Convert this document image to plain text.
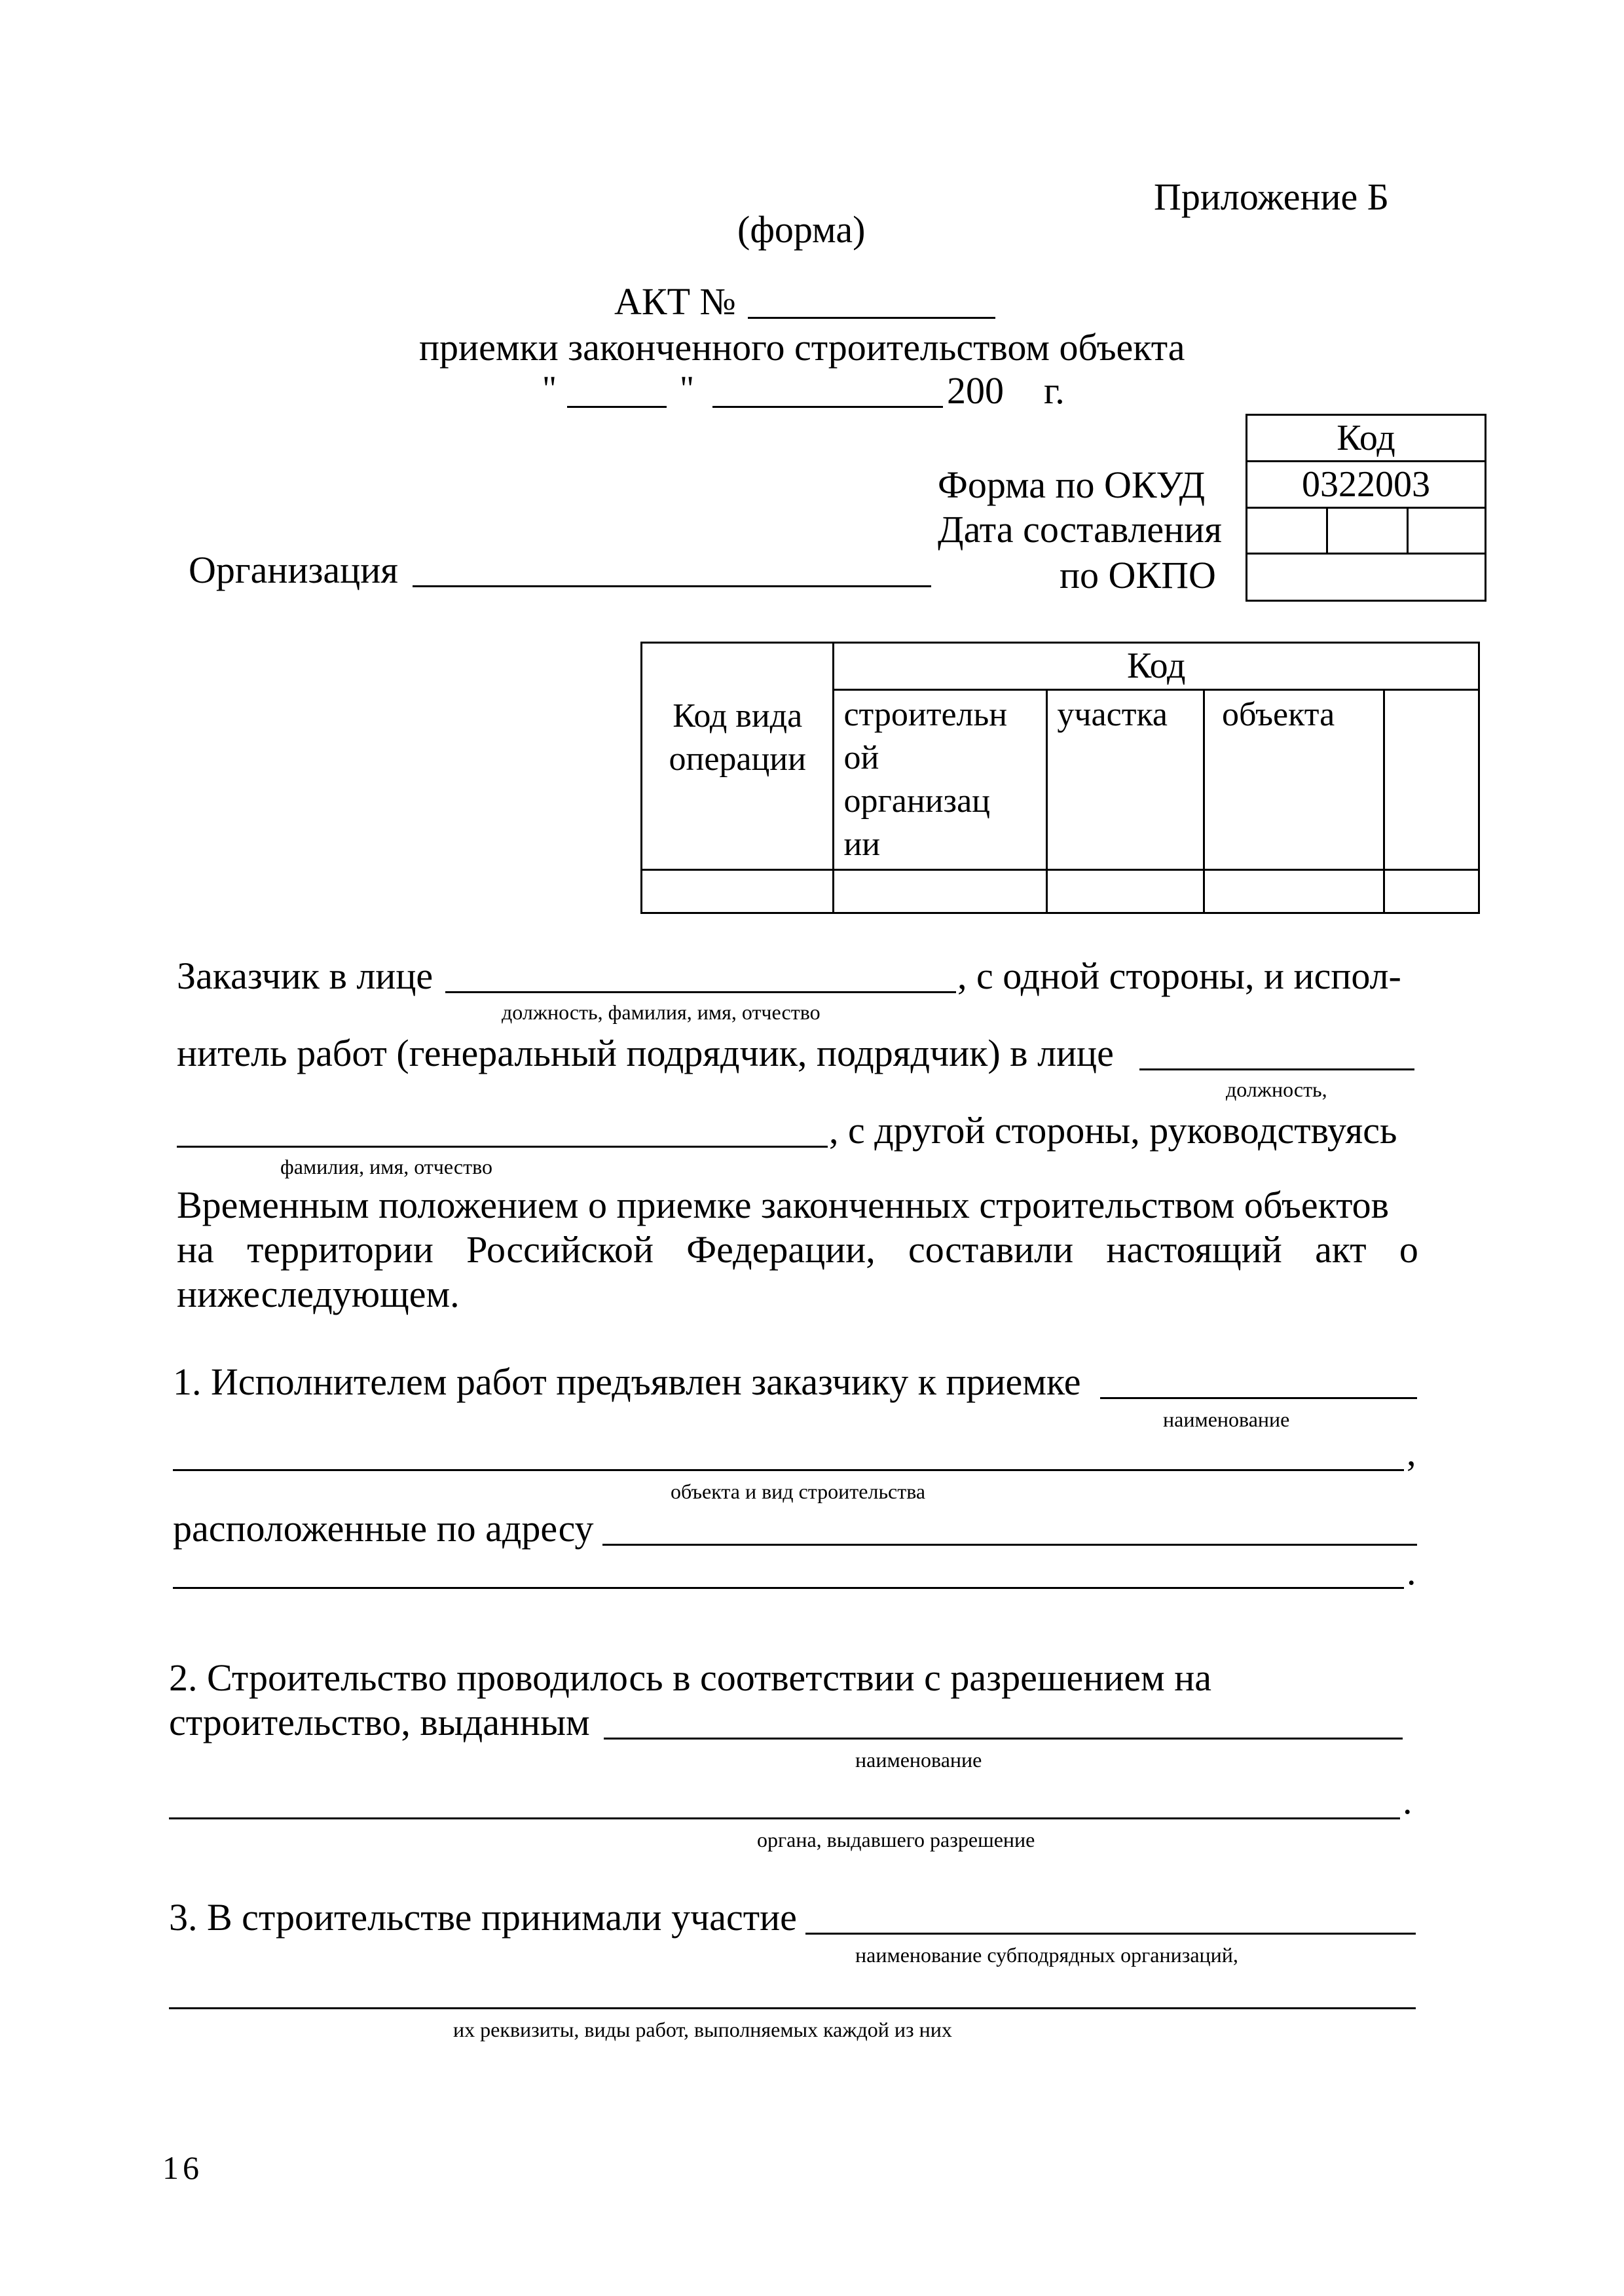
Приложение Б
(форма)
АКТ №
приемки законченного строительством объекта
"	"	200 г.
Код
0322003

Форма по ОКУД
Дата составления
по ОКПО
Организация
Код вида операции	Код			

	строительн ой организац ии	участка	объекта	

Заказчик в лице	, с одной стороны, и испол-
должность, фамилия, имя, отчество
нитель работ (генеральный подрядчик, подрядчик) в лице
должность,
, с другой стороны, руководствуясь
фамилия, имя, отчество
Временным положением о приемке законченных строительством объектов
на территории Российской Федерации, составили настоящий акт о
нижеследующем.
1. Исполнителем работ предъявлен заказчику к приемке
наименование
,
объекта и вид строительства
расположенные по адресу
.
2. Строительство проводилось в соответствии с разрешением на
строительство, выданным
наименование
.
органа, выдавшего разрешение
3. В строительстве принимали участие
наименование субподрядных организаций,
их реквизиты, виды работ, выполняемых каждой из них
16
